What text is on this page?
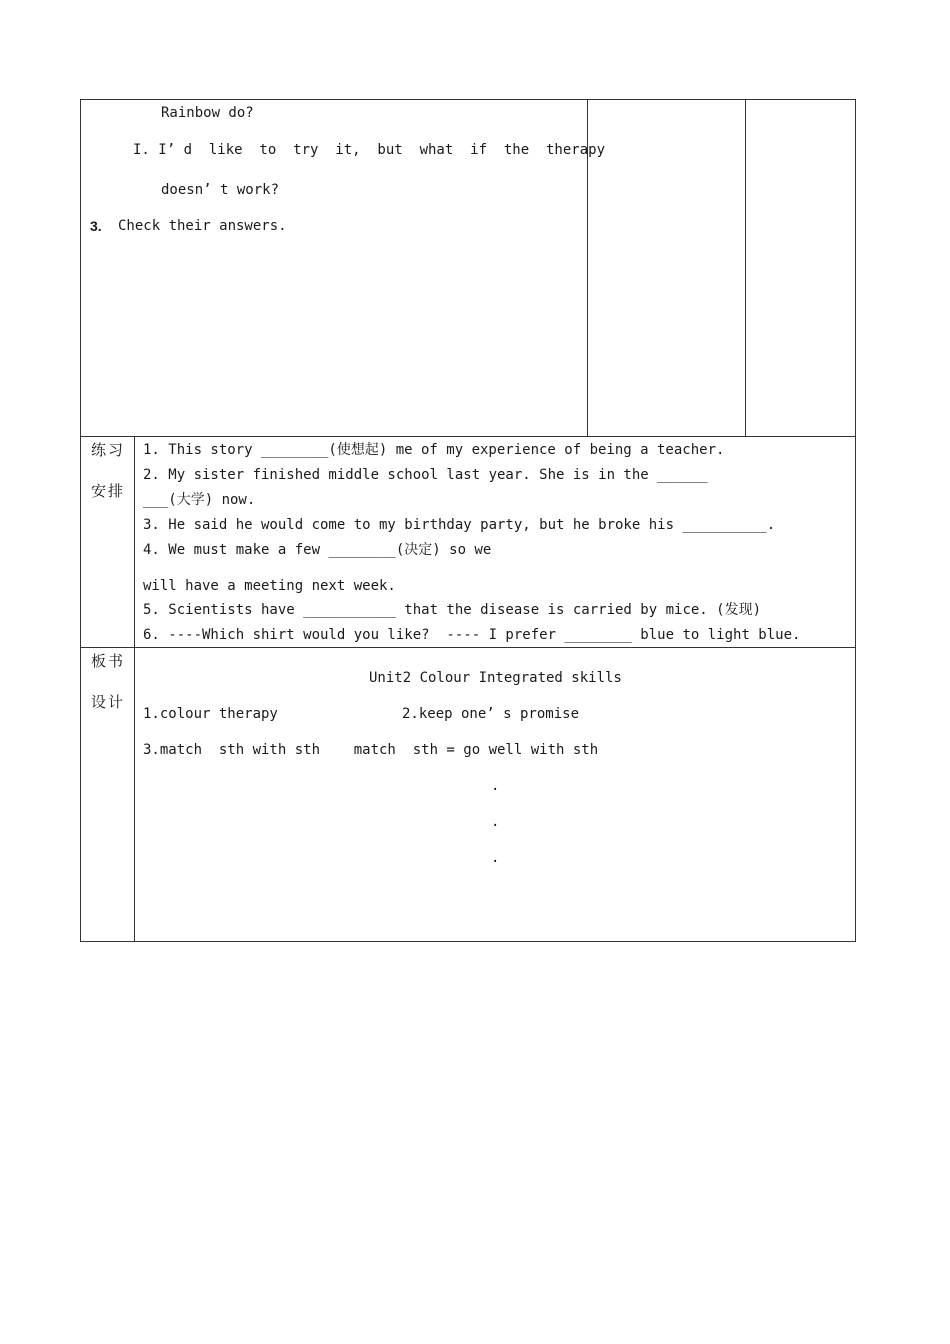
Rainbow do?
I. I’ d  like  to  try  it,  but  what  if  the  therapy
doesn’ t work?
3. Check their answers.
练习
安排
1. This story ________(使想起) me of my experience of being a teacher.
2. My sister finished middle school last year. She is in the ______
___(大学) now.
3. He said he would come to my birthday party, but he broke his __________.
4. We must make a few ________(决定) so we
will have a meeting next week.
5. Scientists have ___________ that the disease is carried by mice. (发现)
6. ----Which shirt would you like?  ---- I prefer ________ blue to light blue.
板书
设计
Unit2 Colour Integrated skills
1.colour therapy	2.keep one’ s promise
3.match  sth with sth    match  sth = go well with sth
.
.
.
